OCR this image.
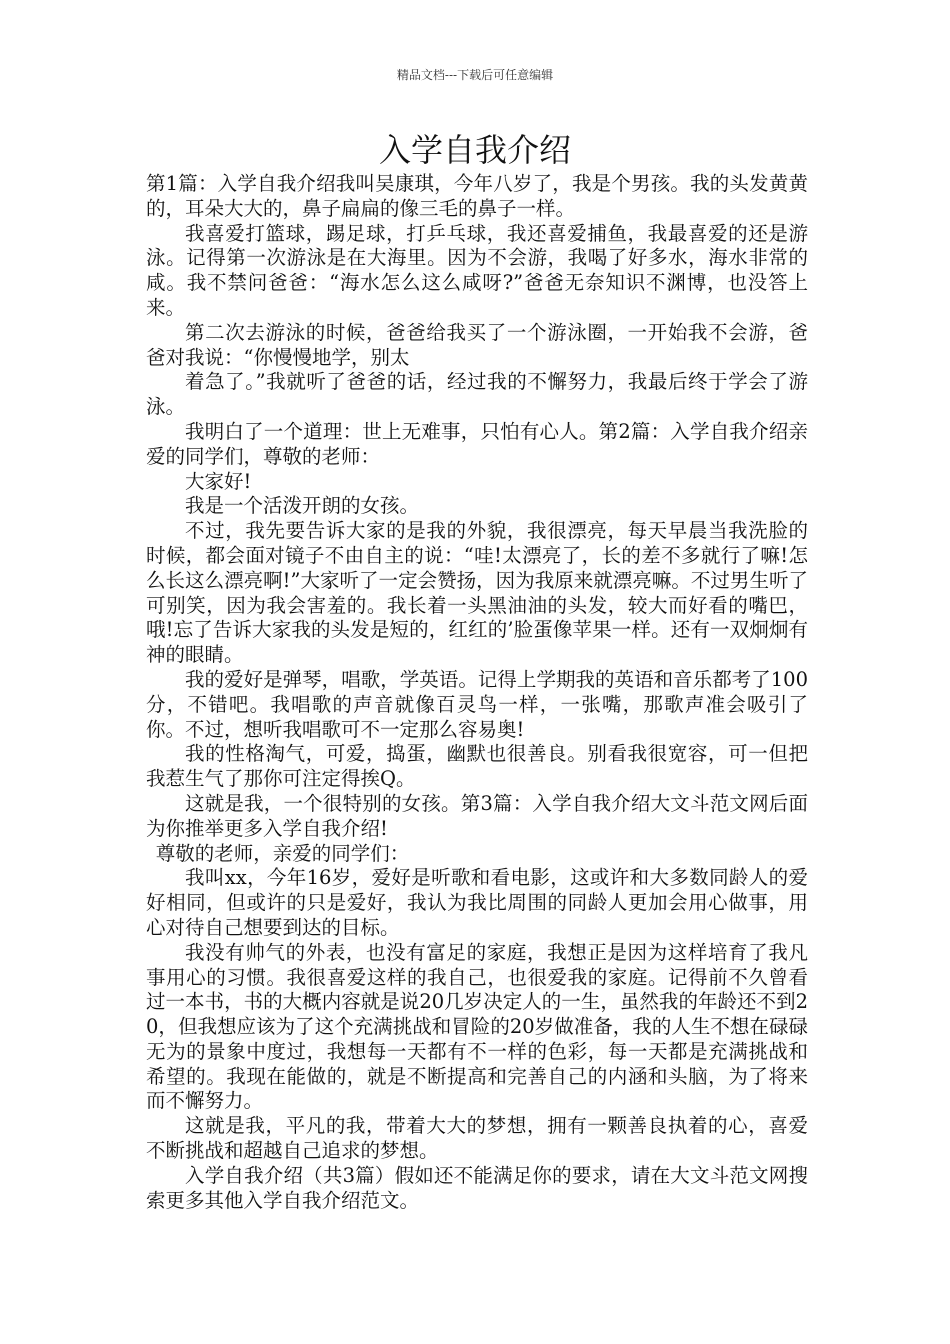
精品文档---下载后可任意编辑
入学自我介绍

第1篇：入学自我介绍我叫吴康琪，今年八岁了，我是个男孩。我的头发黄黄的，耳朵大大的，鼻子扁扁的像三毛的鼻子一样。

我喜爱打篮球，踢足球，打乒乓球，我还喜爱捕鱼，我最喜爱的还是游泳。记得第一次游泳是在大海里。因为不会游，我喝了好多水，海水非常的咸。我不禁问爸爸：“海水怎么这么咸呀?”爸爸无奈知识不渊博，也没答上来。

第二次去游泳的时候，爸爸给我买了一个游泳圈，一开始我不会游，爸爸对我说：“你慢慢地学，别太

着急了。”我就听了爸爸的话，经过我的不懈努力，我最后终于学会了游泳。

我明白了一个道理：世上无难事，只怕有心人。第2篇：入学自我介绍亲爱的同学们，尊敬的老师：

大家好!

我是一个活泼开朗的女孩。

不过，我先要告诉大家的是我的外貌，我很漂亮，每天早晨当我洗脸的时候，都会面对镜子不由自主的说：“哇!太漂亮了，长的差不多就行了嘛!怎么长这么漂亮啊!”大家听了一定会赞扬，因为我原来就漂亮嘛。不过男生听了可别笑，因为我会害羞的。我长着一头黑油油的头发，较大而好看的嘴巴，哦!忘了告诉大家我的头发是短的，红红的’脸蛋像苹果一样。还有一双炯炯有神的眼睛。

我的爱好是弹琴，唱歌，学英语。记得上学期我的英语和音乐都考了100分，不错吧。我唱歌的声音就像百灵鸟一样，一张嘴，那歌声准会吸引了你。不过，想听我唱歌可不一定那么容易奥!

我的性格淘气，可爱，捣蛋，幽默也很善良。别看我很宽容，可一但把我惹生气了那你可注定得挨Q。

这就是我，一个很特别的女孩。第3篇：入学自我介绍大文斗范文网后面为你推举更多入学自我介绍!

尊敬的老师，亲爱的同学们：

我叫xx，今年16岁，爱好是听歌和看电影，这或许和大多数同龄人的爱好相同，但或许的只是爱好，我认为我比周围的同龄人更加会用心做事，用心对待自己想要到达的目标。

我没有帅气的外表，也没有富足的家庭，我想正是因为这样培育了我凡事用心的习惯。我很喜爱这样的我自己，也很爱我的家庭。记得前不久曾看过一本书，书的大概内容就是说20几岁决定人的一生，虽然我的年龄还不到20，但我想应该为了这个充满挑战和冒险的20岁做准备，我的人生不想在碌碌无为的景象中度过，我想每一天都有不一样的色彩，每一天都是充满挑战和希望的。我现在能做的，就是不断提高和完善自己的内涵和头脑，为了将来而不懈努力。

这就是我，平凡的我，带着大大的梦想，拥有一颗善良执着的心，喜爱不断挑战和超越自己追求的梦想。

入学自我介绍（共3篇）假如还不能满足你的要求，请在大文斗范文网搜索更多其他入学自我介绍范文。
